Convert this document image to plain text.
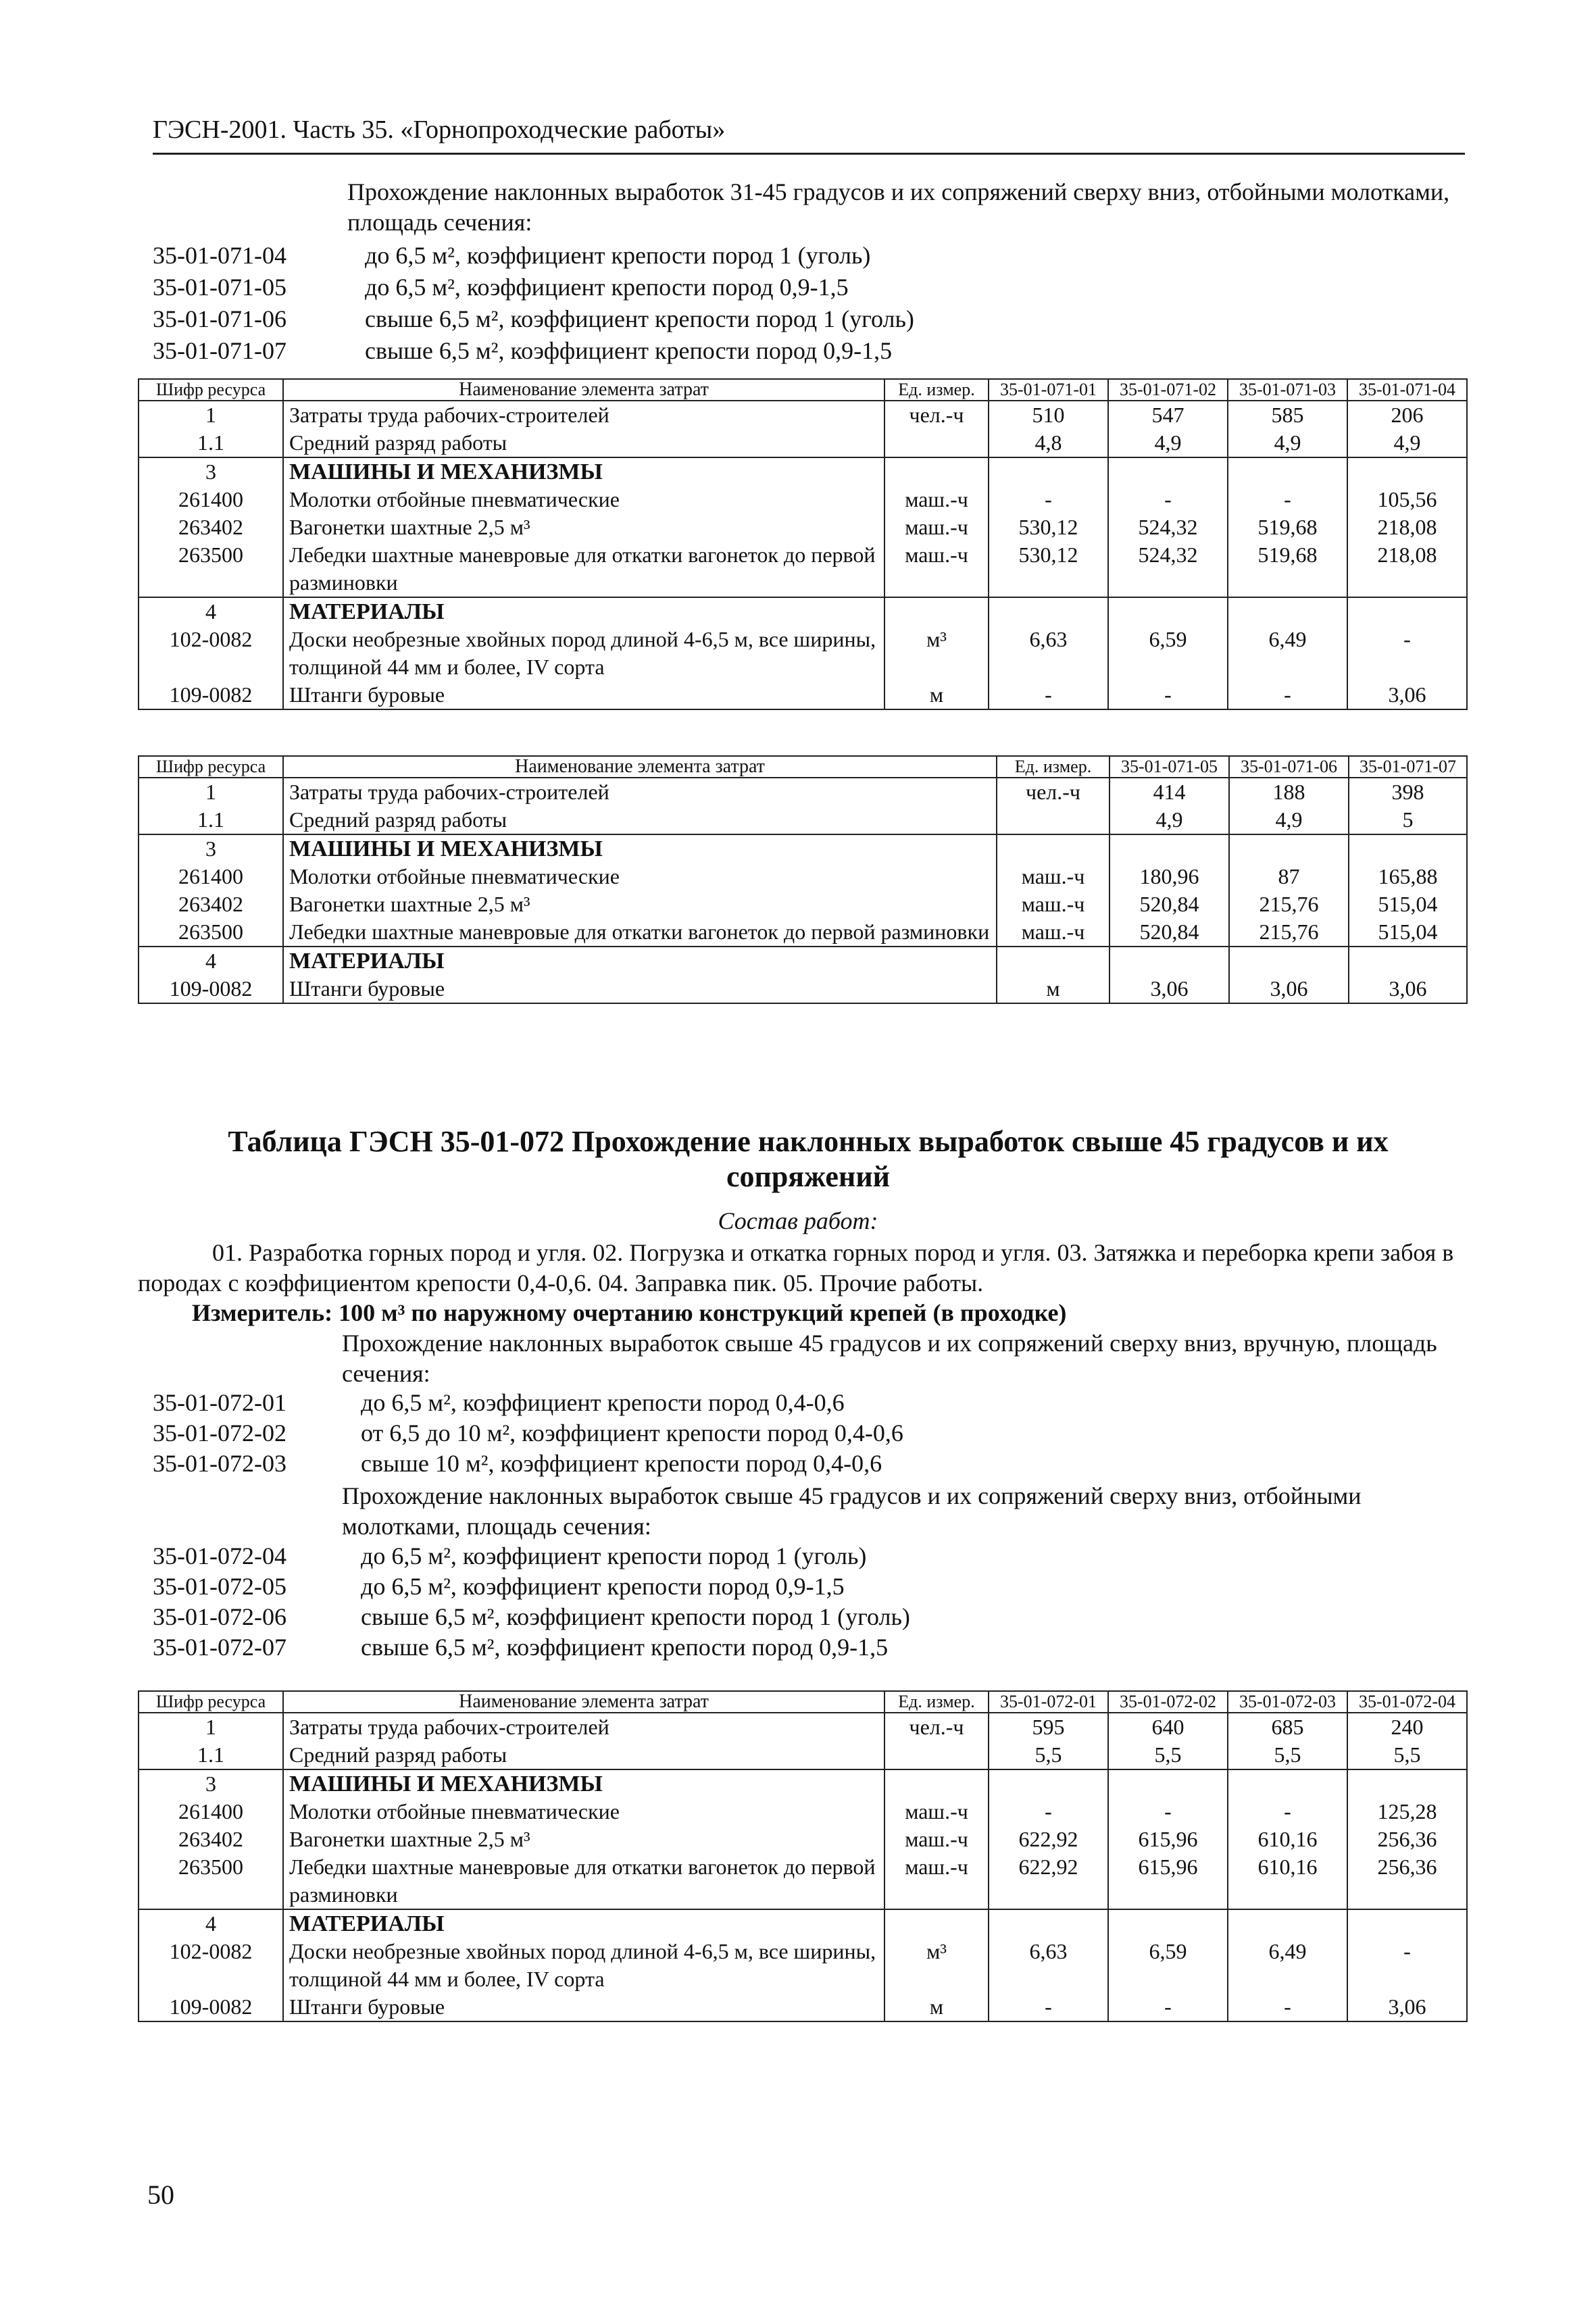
ГЭСН-2001. Часть 35. «Горнопроходческие работы»
Прохождение наклонных выработок 31-45 градусов и их сопряжений сверху вниз, отбойными молотками, площадь сечения:
35-01-071-04	до 6,5 м², коэффициент крепости пород 1 (уголь)
35-01-071-05	до 6,5 м², коэффициент крепости пород 0,9-1,5
35-01-071-06	свыше 6,5 м², коэффициент крепости пород 1 (уголь)
35-01-071-07	свыше 6,5 м², коэффициент крепости пород 0,9-1,5
Шифр ресурса	Наименование элемента затрат	Ед. измер.	35-01-071-01	35-01-071-02	35-01-071-03	35-01-071-04
1	Затраты труда рабочих-строителей	чел.-ч	510	547	585	206
1.1	Средний разряд работы		4,8	4,9	4,9	4,9
3	МАШИНЫ И МЕХАНИЗМЫ					
261400	Молотки отбойные пневматические	маш.-ч	-	-	-	105,56
263402	Вагонетки шахтные 2,5 м³	маш.-ч	530,12	524,32	519,68	218,08
263500	Лебедки шахтные маневровые для откатки вагонеток до первой разминовки	маш.-ч	530,12	524,32	519,68	218,08
4	МАТЕРИАЛЫ					
102-0082	Доски необрезные хвойных пород длиной 4-6,5 м, все ширины, толщиной 44 мм и более, IV сорта	м³	6,63	6,59	6,49	-
109-0082	Штанги буровые	м	-	-	-	3,06
Шифр ресурса	Наименование элемента затрат	Ед. измер.	35-01-071-05	35-01-071-06	35-01-071-07
1	Затраты труда рабочих-строителей	чел.-ч	414	188	398
1.1	Средний разряд работы		4,9	4,9	5
3	МАШИНЫ И МЕХАНИЗМЫ				
261400	Молотки отбойные пневматические	маш.-ч	180,96	87	165,88
263402	Вагонетки шахтные 2,5 м³	маш.-ч	520,84	215,76	515,04
263500	Лебедки шахтные маневровые для откатки вагонеток до первой разминовки	маш.-ч	520,84	215,76	515,04
4	МАТЕРИАЛЫ				
109-0082	Штанги буровые	м	3,06	3,06	3,06
Таблица ГЭСН 35-01-072 Прохождение наклонных выработок свыше 45 градусов и их сопряжений
Состав работ:
01. Разработка горных пород и угля. 02. Погрузка и откатка горных пород и угля. 03. Затяжка и переборка крепи забоя в породах с коэффициентом крепости 0,4-0,6. 04. Заправка пик. 05. Прочие работы.
Измеритель: 100 м³ по наружному очертанию конструкций крепей (в проходке)
Прохождение наклонных выработок свыше 45 градусов и их сопряжений сверху вниз, вручную, площадь сечения:
35-01-072-01	до 6,5 м², коэффициент крепости пород 0,4-0,6
35-01-072-02	от 6,5 до 10 м², коэффициент крепости пород 0,4-0,6
35-01-072-03	свыше 10 м², коэффициент крепости пород 0,4-0,6
Прохождение наклонных выработок свыше 45 градусов и их сопряжений сверху вниз, отбойными молотками, площадь сечения:
35-01-072-04	до 6,5 м², коэффициент крепости пород 1 (уголь)
35-01-072-05	до 6,5 м², коэффициент крепости пород 0,9-1,5
35-01-072-06	свыше 6,5 м², коэффициент крепости пород 1 (уголь)
35-01-072-07	свыше 6,5 м², коэффициент крепости пород 0,9-1,5
Шифр ресурса	Наименование элемента затрат	Ед. измер.	35-01-072-01	35-01-072-02	35-01-072-03	35-01-072-04
1	Затраты труда рабочих-строителей	чел.-ч	595	640	685	240
1.1	Средний разряд работы		5,5	5,5	5,5	5,5
3	МАШИНЫ И МЕХАНИЗМЫ					
261400	Молотки отбойные пневматические	маш.-ч	-	-	-	125,28
263402	Вагонетки шахтные 2,5 м³	маш.-ч	622,92	615,96	610,16	256,36
263500	Лебедки шахтные маневровые для откатки вагонеток до первой разминовки	маш.-ч	622,92	615,96	610,16	256,36
4	МАТЕРИАЛЫ					
102-0082	Доски необрезные хвойных пород длиной 4-6,5 м, все ширины, толщиной 44 мм и более, IV сорта	м³	6,63	6,59	6,49	-
109-0082	Штанги буровые	м	-	-	-	3,06
50
